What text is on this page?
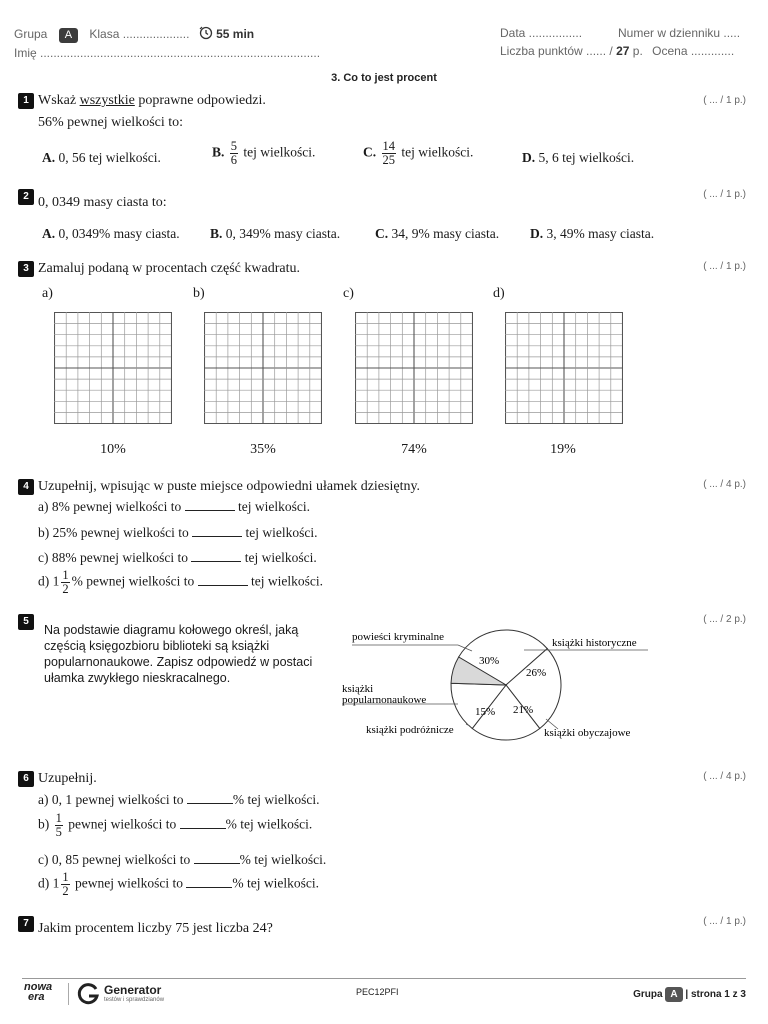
Grupa A Klasa .................... 55 min
Imię ....................................................................................
Data ................	Numer w dzienniku .....
Liczba punktów ...... / 27 p. Ocena .............
3. Co to jest procent
1 Wskaż wszystkie poprawne odpowiedzi.	( ... / 1 p.)
56% pewnej wielkości to:
A. 0, 56 tej wielkości.	B. $\frac{5}{6}$ tej wielkości.	C. $\frac{14}{25}$ tej wielkości.	D. 5, 6 tej wielkości.
2 0, 0349 masy ciasta to:
( ... / 1 p.)
A. 0, 0349% masy ciasta. B. 0, 349% masy ciasta.	C. 34, 9% masy ciasta. D. 3, 49% masy ciasta.
3 Zamaluj podaną w procentach część kwadratu.	( ... / 1 p.)
a)	b)	c)	d)
10%	35%	74%	19%
4 Uzupełnij, wpisując w puste miejsce odpowiedni ułamek dziesiętny.	( ... / 4 p.)
a) 8% pewnej wielkości to	tej wielkości.
b) 25% pewnej wielkości to	tej wielkości.
c) 88% pewnej wielkości to	tej wielkości.
d) $1 \frac{1}{2}$ % pewnej wielkości to	tej wielkości.
5
Na podstawie diagramu kołowego określ, jaką częścią księgozbioru biblioteki są książki popularnonaukowe. Zapisz odpowiedź w postaci ułamka zwykłego nieskracalnego.
( ... / 2 p.)
30%
26%
21%
15%
powieści kryminalne	książki historyczne
książki obyczajowe
książki podróżnicze
książki
popularnonaukowe
6 Uzupełnij.	( ... / 4 p.)
a) 0, 1 pewnej wielkości to	% tej wielkości.
$b) \frac{1}{5}$ pewnej wielkości to	% tej wielkości.
c) 0, 85 pewnej wielkości to	% tej wielkości.
d) $1 \frac{1}{2}$ pewnej wielkości to	% tej wielkości.
7 Jakim procentem liczby 75 jest liczba 24?	( ... / 1 p.)
nowa
era	Generator
testów i sprawdzianów
PEC12PFI	Grupa A | strona 1 z 3
